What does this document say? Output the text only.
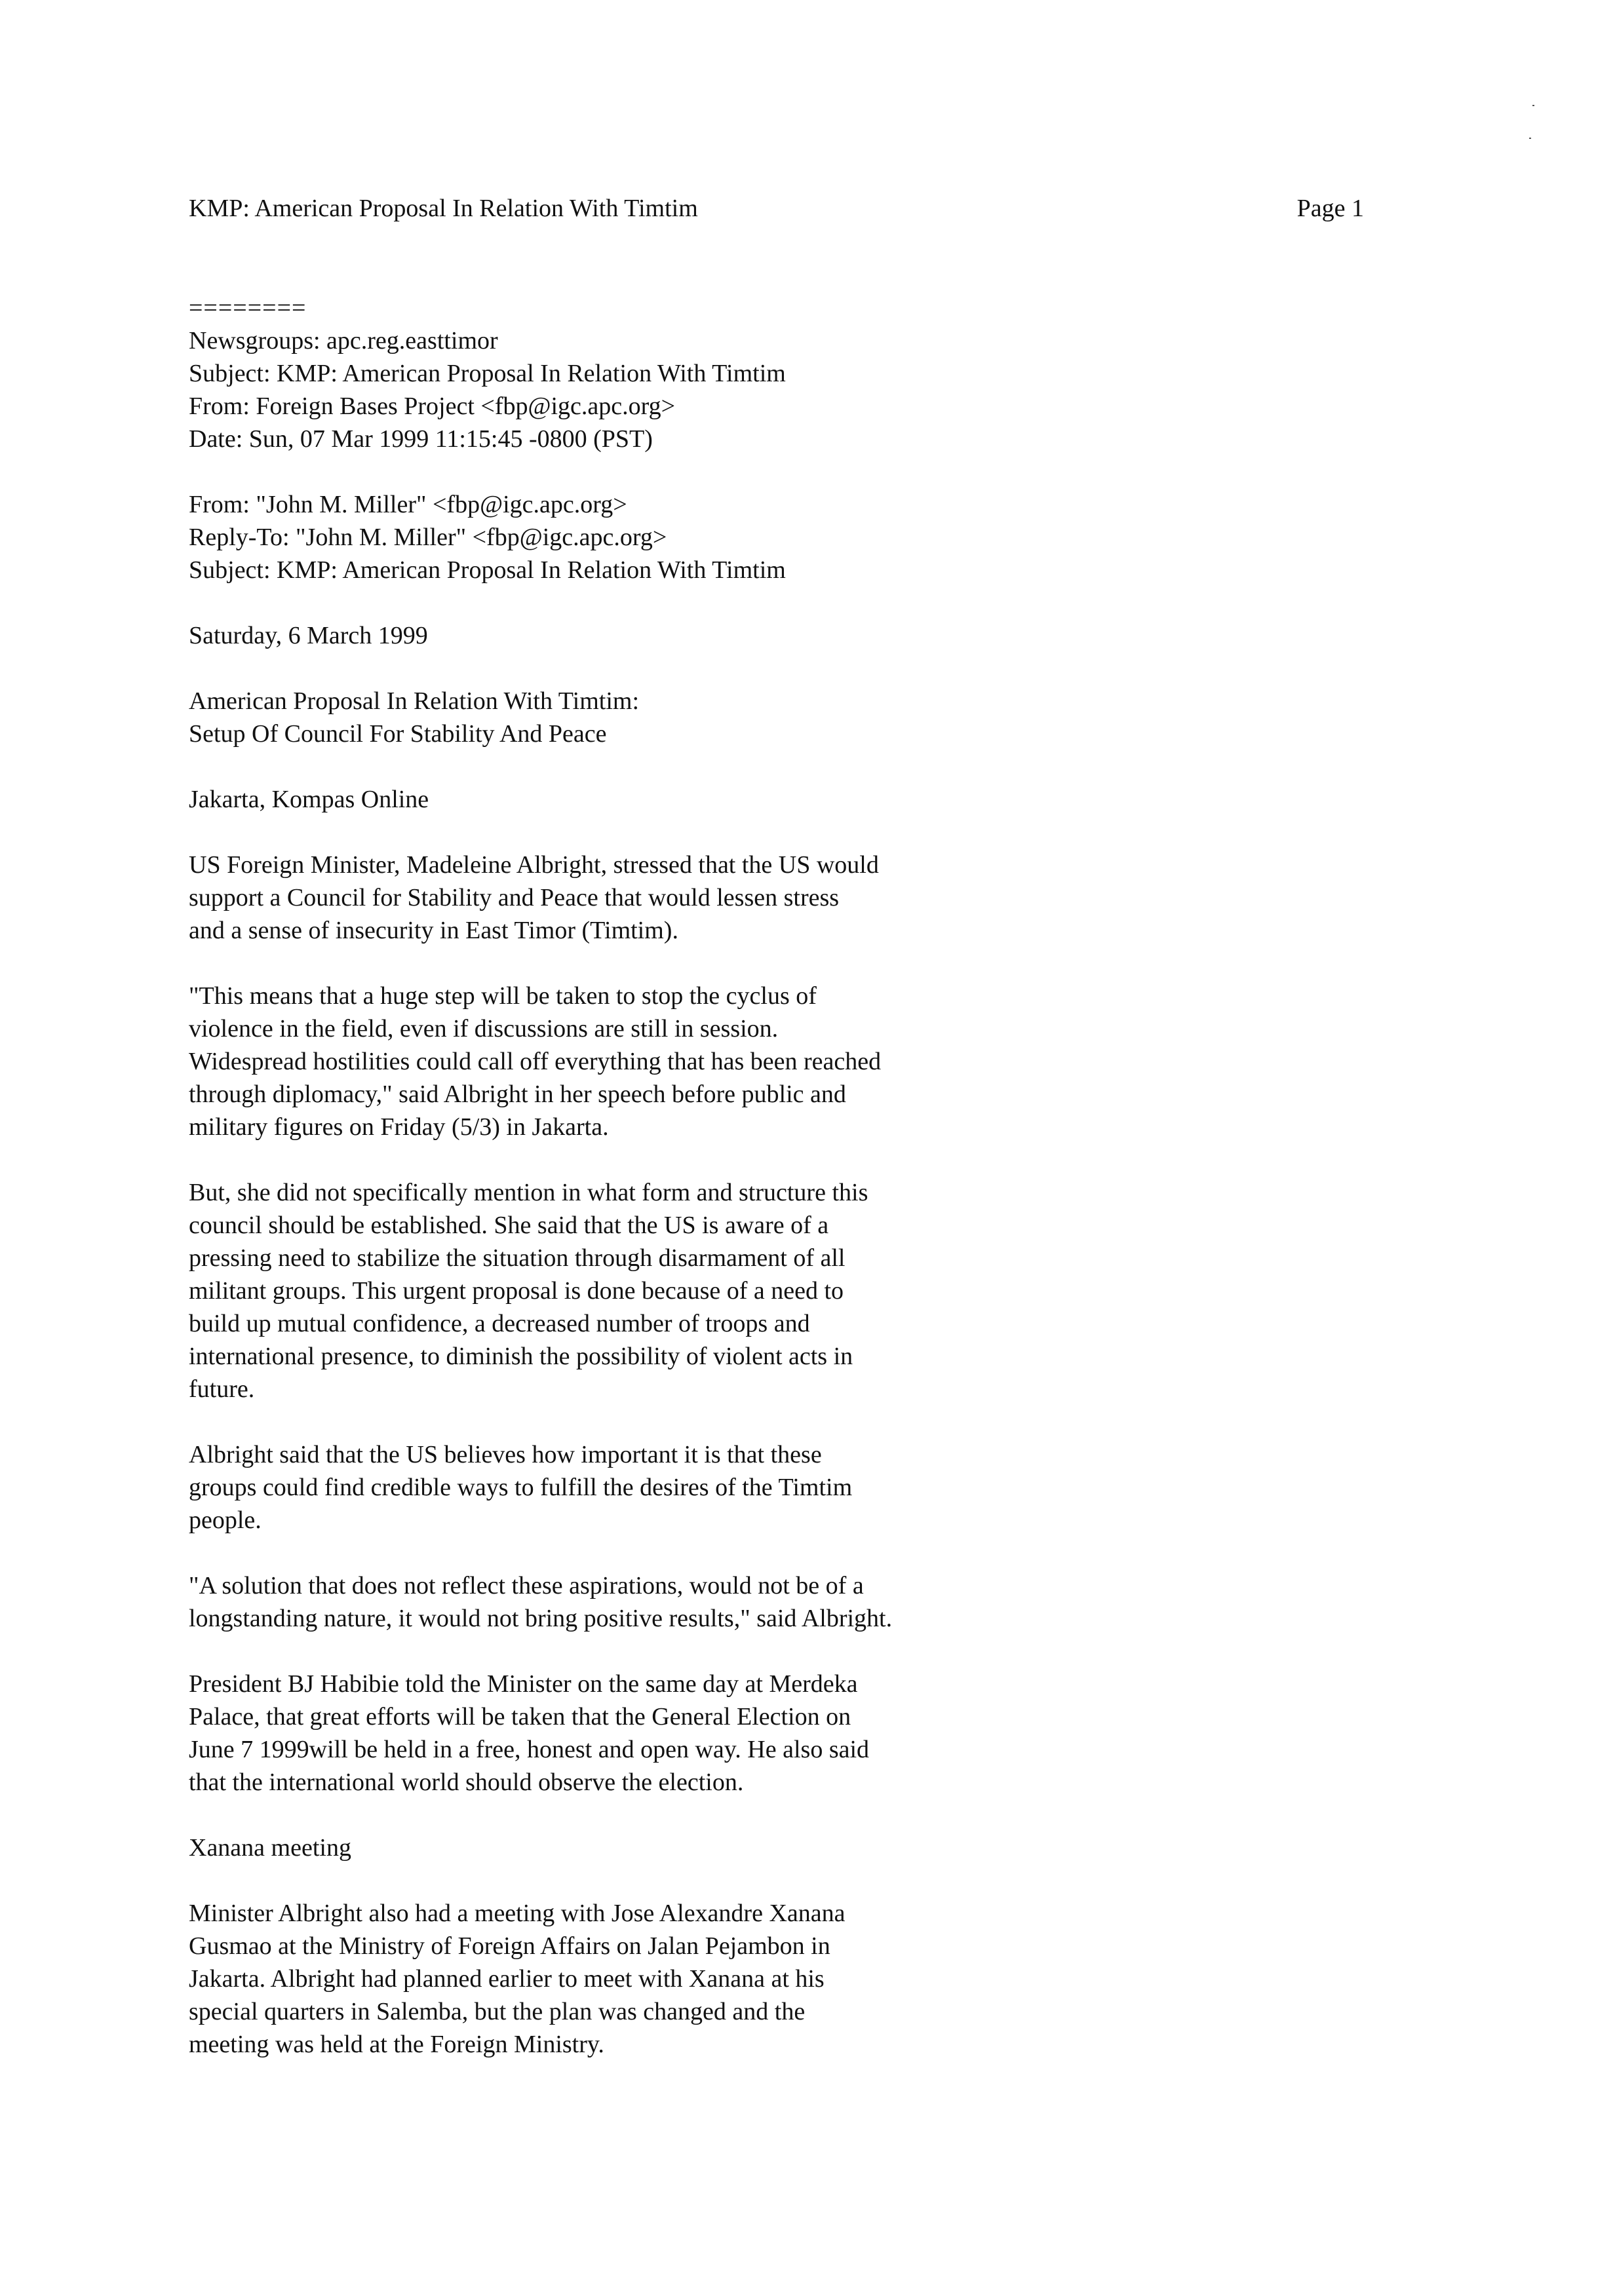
KMP: American Proposal In Relation With Timtim	Page 1
========
Newsgroups: apc.reg.easttimor
Subject: KMP: American Proposal In Relation With Timtim
From: Foreign Bases Project <fbp@igc.apc.org>
Date: Sun, 07 Mar 1999 11:15:45 -0800 (PST)
From: "John M. Miller" <fbp@igc.apc.org>
Reply-To: "John M. Miller" <fbp@igc.apc.org>
Subject: KMP: American Proposal In Relation With Timtim
Saturday, 6 March 1999
American Proposal In Relation With Timtim:
Setup Of Council For Stability And Peace
Jakarta, Kompas Online
US Foreign Minister, Madeleine Albright, stressed that the US would
support a Council for Stability and Peace that would lessen stress
and a sense of insecurity in East Timor (Timtim).
"This means that a huge step will be taken to stop the cyclus of
violence in the field, even if discussions are still in session.
Widespread hostilities could call off everything that has been reached
through diplomacy," said Albright in her speech before public and
military figures on Friday (5/3) in Jakarta.
But, she did not specifically mention in what form and structure this
council should be established. She said that the US is aware of a
pressing need to stabilize the situation through disarmament of all
militant groups. This urgent proposal is done because of a need to
build up mutual confidence, a decreased number of troops and
international presence, to diminish the possibility of violent acts in
future.
Albright said that the US believes how important it is that these
groups could find credible ways to fulfill the desires of the Timtim
people.
"A solution that does not reflect these aspirations, would not be of a
longstanding nature, it would not bring positive results," said Albright.
President BJ Habibie told the Minister on the same day at Merdeka
Palace, that great efforts will be taken that the General Election on
June 7 1999will be held in a free, honest and open way. He also said
that the international world should observe the election.
Xanana meeting
Minister Albright also had a meeting with Jose Alexandre Xanana
Gusmao at the Ministry of Foreign Affairs on Jalan Pejambon in
Jakarta. Albright had planned earlier to meet with Xanana at his
special quarters in Salemba, but the plan was changed and the
meeting was held at the Foreign Ministry.
